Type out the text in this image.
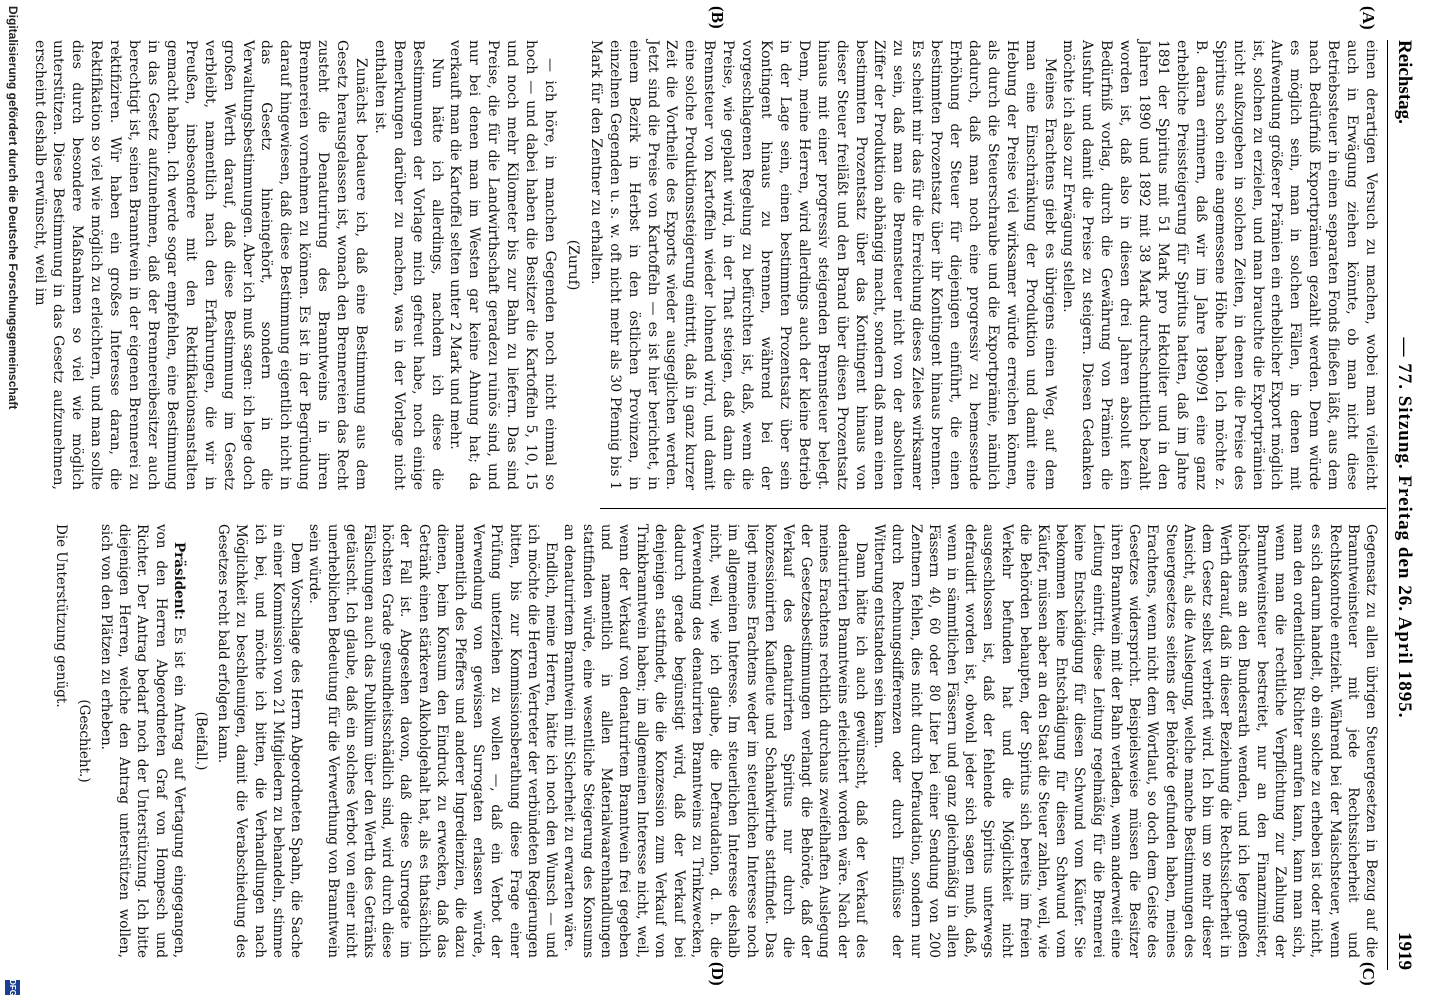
Reichstag.
— 77. Sitzung. Freitag den 26. April 1895.
1919
(A)
(B)
(C)
(D)

einen derartigen Versuch zu machen, wobei man vielleicht auch in Erwägung ziehen könnte, ob man nicht diese Betriebssteuer in einen separaten Fonds fließen läßt, aus dem nach Bedürfniß Exportprämien gezahlt werden. Denn würde es möglich sein, man in solchen Fällen, in denen mit Aufwendung größerer Prämien ein erheblicher Export möglich ist, solchen zu erzielen, und man brauchte die Exportprämien nicht außzugeben in solchen Zeiten, in denen die Preise des Spiritus schon eine angemessene Höhe haben. Ich möchte z. B. daran erinnern, daß wir im Jahre 1890/91 eine ganz erhebliche Preissteigerung für Spiritus hatten, daß im Jahre 1891 der Spiritus mit 51 Mark pro Hektoliter und in den Jahren 1890 und 1892 mit 38 Mark durchschnittlich bezahlt worden ist, daß also in diesen drei Jahren absolut kein Bedürfniß vorlag, durch die Gewährung von Prämien die Ausfuhr und damit die Preise zu steigern. Diesen Gedanken möchte ich also zur Erwägung stellen.

Meines Erachtens giebt es übrigens einen Weg, auf dem man eine Einschränkung der Produktion und damit eine Hebung der Preise viel wirksamer würde erreichen können, als durch die Steuerschraube und die Exportprämie, nämlich dadurch, daß man noch eine progressiv zu bemessende Erhöhung der Steuer für diejenigen einführt, die einen bestimmten Prozentsatz über ihr Kontingent hinaus brennen. Es scheint mir das für die Erreichung dieses Zieles wirksamer zu sein, daß man die Brennsteuer nicht von der absoluten Ziffer der Produktion abhängig macht, sondern daß man einen bestimmten Prozentsatz über das Kontingent hinaus von dieser Steuer freiläßt und den Brand über diesen Prozentsatz hinaus mit einer progressiv steigenden Brennsteuer belegt. Denn, meine Herren, wird allerdings auch der kleine Betrieb in der Lage sein, einen bestimmten Prozentsatz über sein Kontingent hinaus zu brennen, während bei der vorgeschlagenen Regelung zu befürchten ist, daß, wenn die Preise, wie geplant wird, in der That steigen, daß dann die Brennsteuer von Kartoffeln wieder lohnend wird, und damit eine solche Produktionssteigerung eintritt, daß in ganz kurzer Zeit die Vortheile des Exports wieder ausgeglichen werden. Jetzt sind die Preise von Kartoffeln — es ist hier berichtet, in einem Bezirk in Herbst in den östlichen Provinzen, in einzelnen Gegenden u. s. w. oft nicht mehr als 30 Pfennig bis 1 Mark für den Zentner zu erhalten.

(Zuruf)

— ich höre, in manchen Gegenden noch nicht einmal so hoch — und dabei haben die Besitzer die Kartoffeln 5, 10, 15 und noch mehr Kilometer bis zur Bahn zu liefern. Das sind Preise, die für die Landwirthschaft geradezu ruinös sind, und nur bei denen man im Westen gar keine Ahnung hat; da verkauft man die Kartoffel selten unter 2 Mark und mehr.

Nun hätte ich allerdings, nachdem ich diese die Bestimmungen der Vorlage mich gefreut habe, noch einige Bemerkungen darüber zu machen, was in der Vorlage nicht enthalten ist.

Zunächst bedauere ich, daß eine Bestimmung aus dem Gesetz herausgelassen ist, wonach den Brennereien das Recht zusteht die Denaturirung des Branntweins in ihren Brennereien vornehmen zu können. Es ist in der Begründung darauf hingewiesen, daß diese Bestimmung eigentlich nicht in das Gesetz hineingehört, sondern in die Verwaltungsbestimmungen. Aber ich muß sagen: ich lege doch großen Werth darauf, daß diese Bestimmung im Gesetz verbleibt, namentlich nach den Erfahrungen, die wir in Preußen, insbesondere mit den Rektifikationsanstalten gemacht haben. Ich werde sogar empfehlen, eine Bestimmung in das Gesetz aufzunehmen, daß der Brennereibesitzer auch berechtigt ist, seinen Branntwein in der eigenen Brennerei zu rektifiziren. Wir haben ein großes Interesse daran, die Rektifikation so viel wie möglich zu erleichtern, und man sollte dies durch besondere Maßnahmen so viel wie möglich unterstützen. Diese Bestimmung in das Gesetz aufzunehmen, erscheint deshalb erwünscht, weil im

Gegensatz zu allen übrigen Steuergesetzen in Bezug auf die Branntweinsteuer mit jede Rechtssicherheit und Rechtskontrole entzieht. Während bei der Maischsteuer, wenn es sich darum handelt, ob ein solche zu erheben ist oder nicht, man den ordentlichen Richter anrufen kann, kann man sich, wenn man die rechtliche Verpflichtung zur Zahlung der Branntweinsteuer bestreitet, nur an den Finanzminister, höchstens an den Bundesrath wenden, und ich lege großen Werth darauf, daß in dieser Beziehung die Rechtssicherheit in dem Gesetz selbst verbrieft wird. Ich bin um so mehr dieser Ansicht, als die Auslegung, welche manche Bestimmungen des Steuergesetzes seitens der Behörde gefunden haben, meines Erachtens, wenn nicht dem Wortlaut, so doch dem Geiste des Gesetzes widerspricht. Beispielsweise müssen die Besitzer ihren Branntwein mit der Bahn verladen, wenn anderweit eine Leitung eintritt, diese Leitung regelmäßig für die Brennerei keine Entschädigung für diesen Schwund vom Käufer. Sie bekommen keine Entschädigung für diesen Schwund vom Käufer, müssen aber an den Staat die Steuer zahlen, weil, wie die Behörden behaupten, der Spiritus sich bereits im freien Verkehr befunden hat und die Möglichkeit nicht ausgeschlossen ist, daß der fehlende Spiritus unterwegs defraudirt worden ist, obwohl jeder sich sagen muß, daß, wenn in sämmtlichen Fässern und ganz gleichmäßig in allen Fässern 40, 60 oder 80 Liter bei einer Sendung von 200 Zentnern fehlen, dies nicht durch Defraudation, sondern nur durch Rechnungsdifferenzen oder durch Einflüsse der Witterung entstanden sein kann.

Dann hätte ich auch gewünscht, daß der Verkauf des denaturirten Branntweins erleichtert worden wäre. Nach der meines Erachtens rechtlich durchaus zweifelhaften Auslegung der Gesetzesbestimmungen verlangt die Behörde, daß der Verkauf des denaturirten Spiritus nur durch die konzessionirten Kaufleute und Schankwirthe stattfindet. Das liegt meines Erachtens weder im steuerlichen Interesse noch im allgemeinen Interesse. Im steuerlichen Interesse deshalb nicht, weil, wie ich glaube, die Defraudation, d. h. die Verwendung des denaturirten Branntweins zu Trinkzwecken, dadurch gerade begünstigt wird, daß der Verkauf bei denjenigen stattfindet, die die Konzession zum Verkauf von Trinkbranntwein haben; im allgemeinen Interesse nicht, weil, wenn der Verkauf von denaturirtem Branntwein frei gegeben und namentlich in allen Materialwaarenhandlungen stattfinden würde, eine wesentliche Steigerung des Konsums an denaturirtem Branntwein mit Sicherheit zu erwarten wäre.

Endlich, meine Herren, hätte ich noch den Wunsch — und ich möchte die Herren Vertreter der verbündeten Regierungen bitten, bis zur Kommissionsberathung diese Frage einer Prüfung unterziehen zu wollen —, daß ein Verbot der Verwendung von gewissen Surrogaten erlassen würde, namentlich des Pfeffers und anderer Ingredienzien, die dazu dienen, beim Konsum den Eindruck zu erwecken, daß das Getränk einen stärkeren Alkoholgehalt hat, als es thatsächlich der Fall ist. Abgesehen davon, daß diese Surrogate im höchsten Grade gesundheitsschädlich sind, wird durch diese Fälschungen auch das Publikum über den Werth des Getränks getäuscht. Ich glaube, daß ein solches Verbot von einer nicht unerheblichen Bedeutung für die Verwerthung von Branntwein sein würde.

Dem Vorschlage des Herrn Abgeordneten Spahn, die Sache in einer Kommission von 21 Mitgliedern zu behandeln, stimme ich bei, und möchte ich bitten, die Verhandlungen nach Möglichkeit zu beschleunigen, damit die Verabschiedung des Gesetzes recht bald erfolgen kann.

(Beifall.)

Präsident: Es ist ein Antrag auf Vertagung eingegangen, von den Herren Abgeordneten Graf von Hompesch und Richter. Der Antrag bedarf noch der Unterstützung. Ich bitte diejenigen Herren, welche den Antrag unterstützen wollen, sich von den Plätzen zu erheben.

(Geschieht.)

Die Unterstützung genügt.

Digitalisierung gefördert durch die Deutsche Forschungsgemeinschaft
DFG
